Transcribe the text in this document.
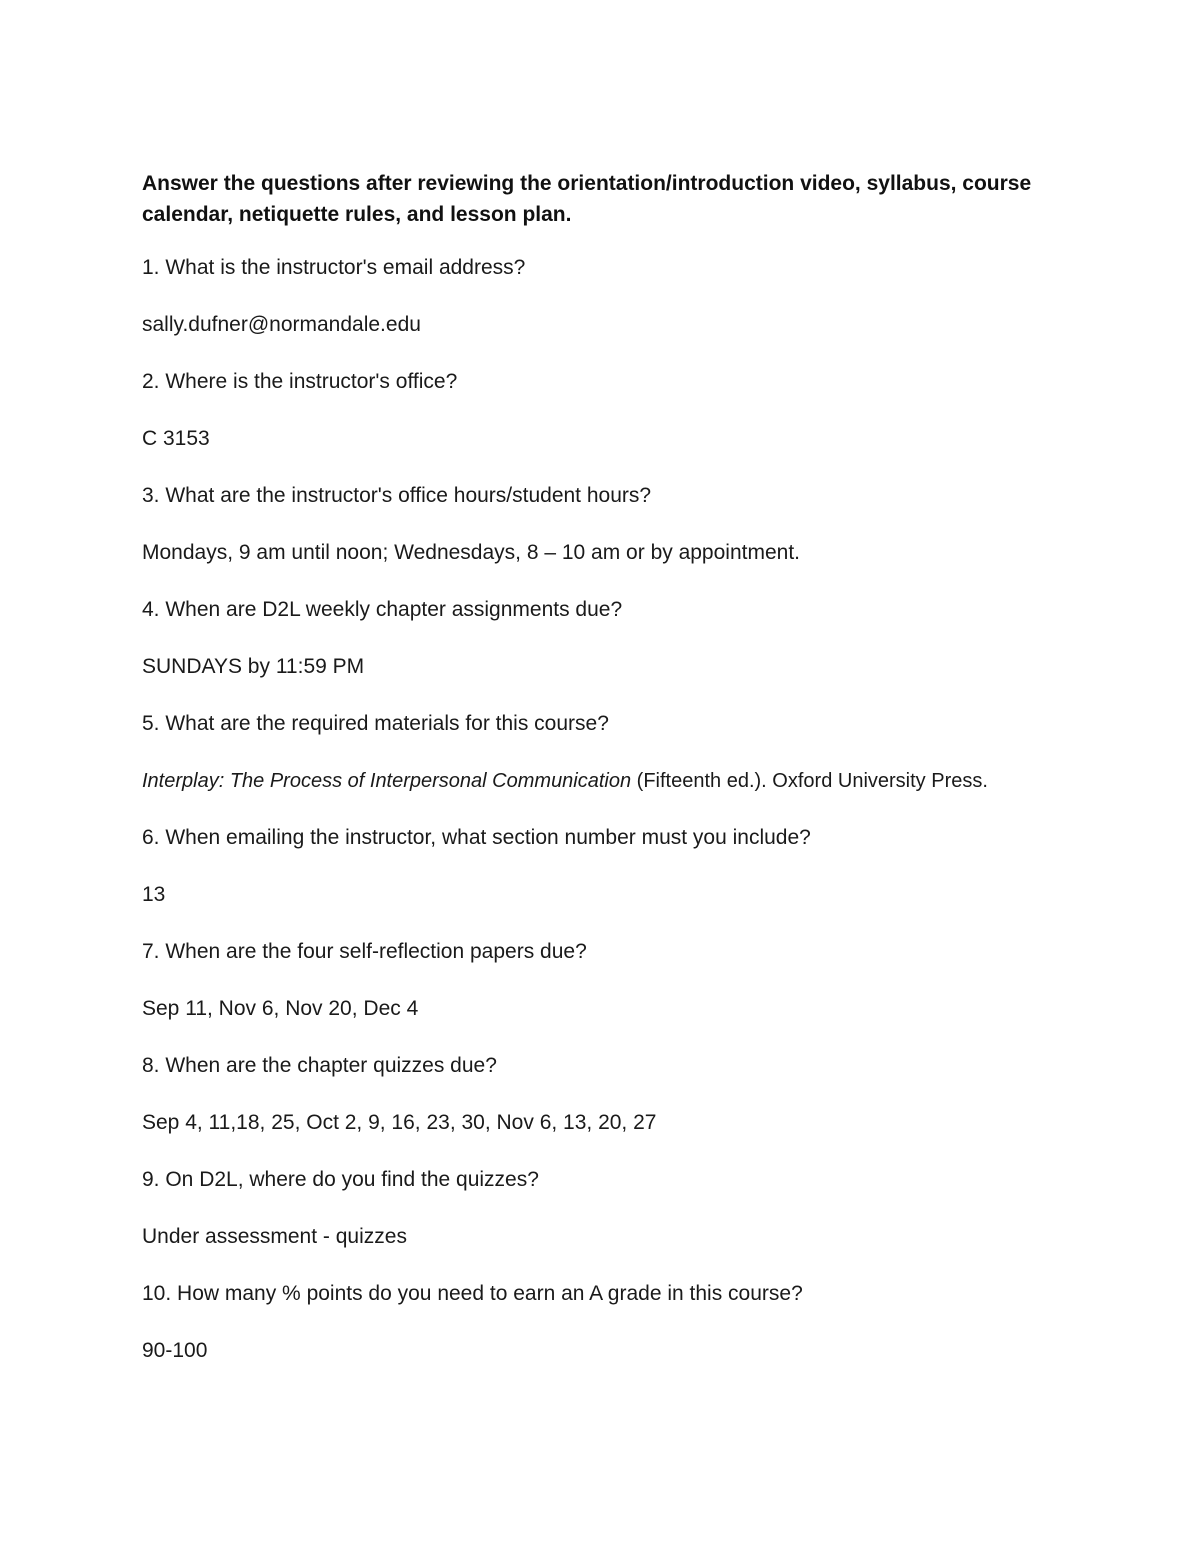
Answer the questions after reviewing the orientation/introduction video, syllabus, course calendar, netiquette rules, and lesson plan.

1. What is the instructor's email address?

sally.dufner@normandale.edu

2. Where is the instructor's office?

C 3153

3. What are the instructor's office hours/student hours?

Mondays, 9 am until noon; Wednesdays, 8 – 10 am or by appointment.

4. When are D2L weekly chapter assignments due?

SUNDAYS by 11:59 PM

5. What are the required materials for this course?

Interplay: The Process of Interpersonal Communication (Fifteenth ed.). Oxford University Press.

6. When emailing the instructor, what section number must you include?

13

7. When are the four self-reflection papers due?

Sep 11, Nov 6, Nov 20, Dec 4

8. When are the chapter quizzes due?

Sep 4, 11,18, 25, Oct 2, 9, 16, 23, 30, Nov 6, 13, 20, 27

9. On D2L, where do you find the quizzes?

Under assessment - quizzes

10. How many % points do you need to earn an A grade in this course?

90-100
